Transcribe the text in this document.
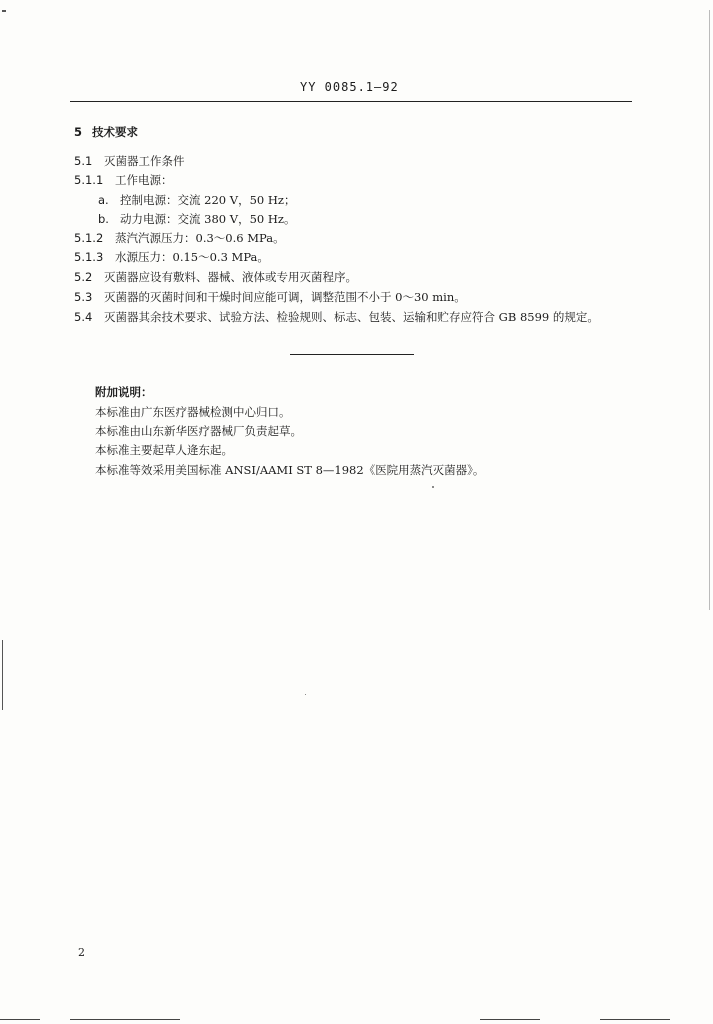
YY 0085.1—92
5 技术要求
5.1 灭菌器工作条件
5.1.1 工作电源：
a. 控制电源：交流 220 V，50 Hz；
b. 动力电源：交流 380 V，50 Hz。
5.1.2 蒸汽汽源压力：0.3～0.6 MPa。
5.1.3 水源压力：0.15～0.3 MPa。
5.2 灭菌器应设有敷料、器械、液体或专用灭菌程序。
5.3 灭菌器的灭菌时间和干燥时间应能可调，调整范围不小于 0～30 min。
5.4 灭菌器其余技术要求、试验方法、检验规则、标志、包装、运输和贮存应符合 GB 8599 的规定。
附加说明：
本标准由广东医疗器械检测中心归口。
本标准由山东新华医疗器械厂负责起草。
本标准主要起草人逄东起。
本标准等效采用美国标准 ANSI/AAMI ST 8—1982《医院用蒸汽灭菌器》。
2
